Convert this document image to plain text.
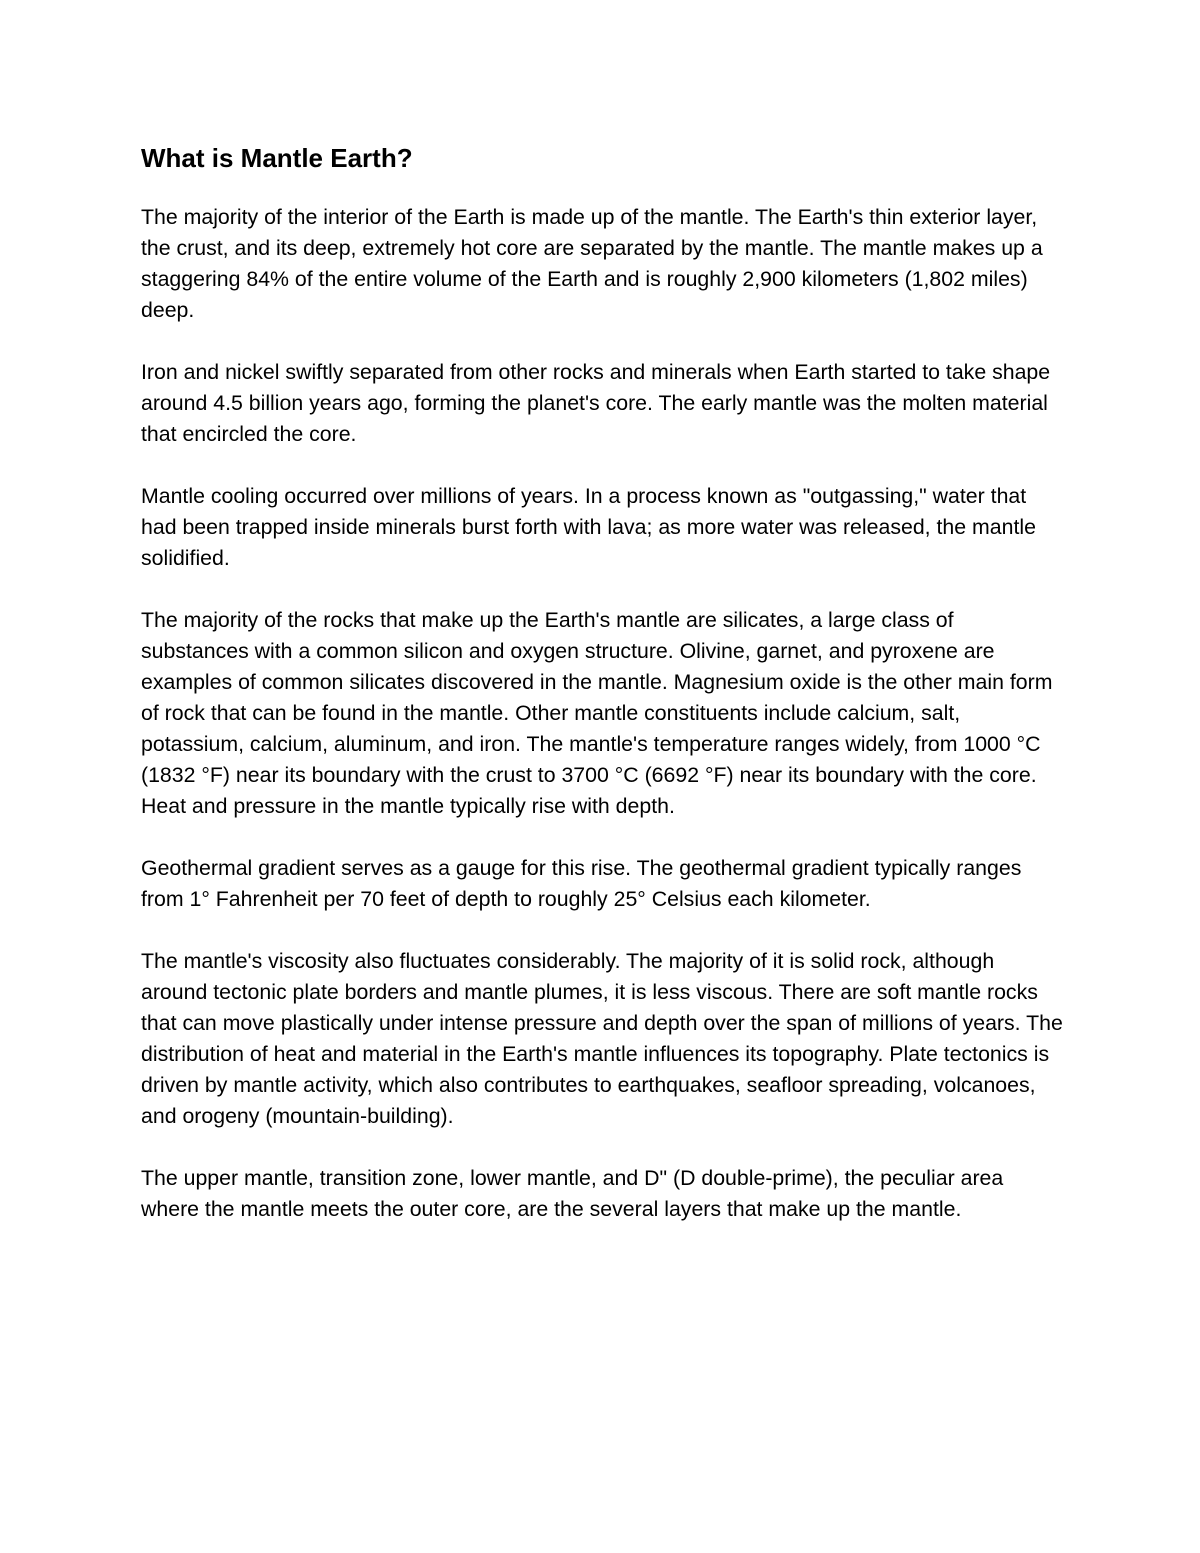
What is Mantle Earth?

The majority of the interior of the Earth is made up of the mantle. The Earth's thin exterior layer, the crust, and its deep, extremely hot core are separated by the mantle. The mantle makes up a staggering 84% of the entire volume of the Earth and is roughly 2,900 kilometers (1,802 miles) deep.

Iron and nickel swiftly separated from other rocks and minerals when Earth started to take shape around 4.5 billion years ago, forming the planet's core. The early mantle was the molten material that encircled the core.

Mantle cooling occurred over millions of years. In a process known as "outgassing," water that had been trapped inside minerals burst forth with lava; as more water was released, the mantle solidified.

The majority of the rocks that make up the Earth's mantle are silicates, a large class of substances with a common silicon and oxygen structure. Olivine, garnet, and pyroxene are examples of common silicates discovered in the mantle. Magnesium oxide is the other main form of rock that can be found in the mantle. Other mantle constituents include calcium, salt, potassium, calcium, aluminum, and iron. The mantle's temperature ranges widely, from 1000 °C (1832 °F) near its boundary with the crust to 3700 °C (6692 °F) near its boundary with the core. Heat and pressure in the mantle typically rise with depth.

Geothermal gradient serves as a gauge for this rise. The geothermal gradient typically ranges from 1° Fahrenheit per 70 feet of depth to roughly 25° Celsius each kilometer.

The mantle's viscosity also fluctuates considerably. The majority of it is solid rock, although around tectonic plate borders and mantle plumes, it is less viscous. There are soft mantle rocks that can move plastically under intense pressure and depth over the span of millions of years. The distribution of heat and material in the Earth's mantle influences its topography. Plate tectonics is driven by mantle activity, which also contributes to earthquakes, seafloor spreading, volcanoes, and orogeny (mountain-building).

The upper mantle, transition zone, lower mantle, and D" (D double-prime), the peculiar area where the mantle meets the outer core, are the several layers that make up the mantle.
